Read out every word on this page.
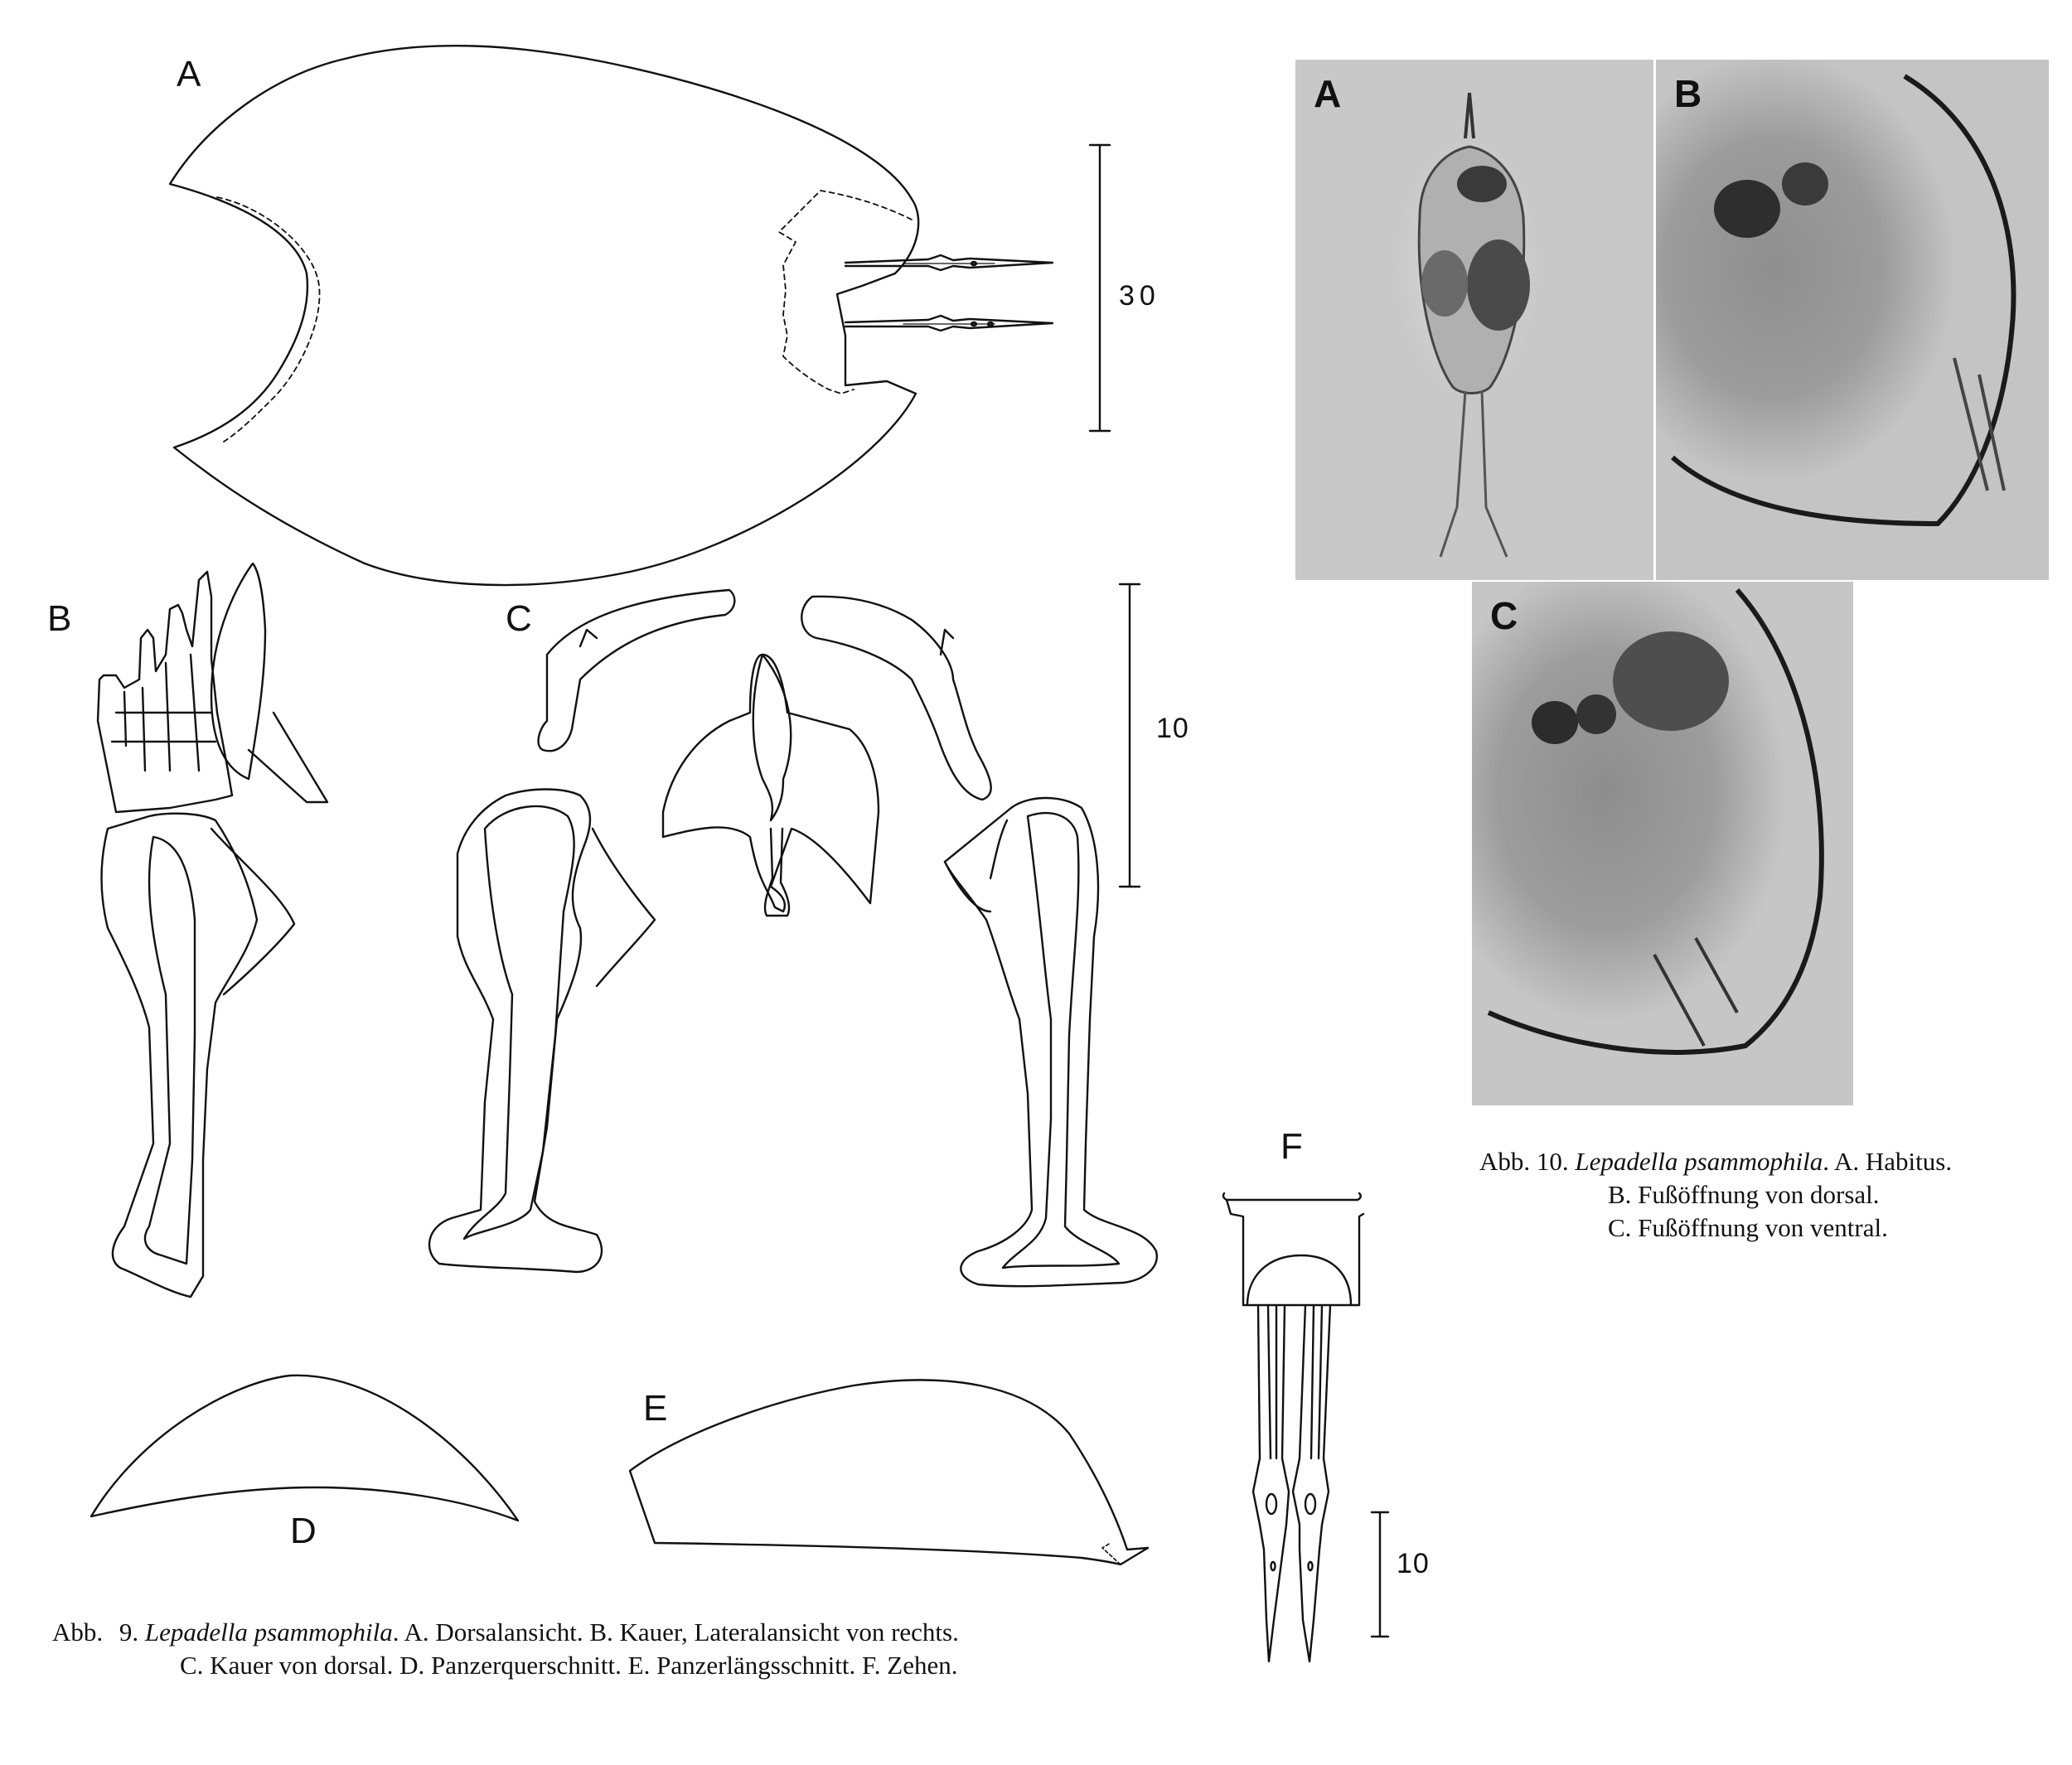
A
B	C
D
E
F
30
10
10
A	B
C
Abb. 10. Lepadella psammophila. A. Habitus.
B. Fußöffnung von dorsal.
C. Fußöffnung von ventral.
Abb. 9. Lepadella psammophila. A. Dorsalansicht. B. Kauer, Lateralansicht von rechts.
C. Kauer von dorsal. D. Panzerquerschnitt. E. Panzerlängsschnitt. F. Zehen.
